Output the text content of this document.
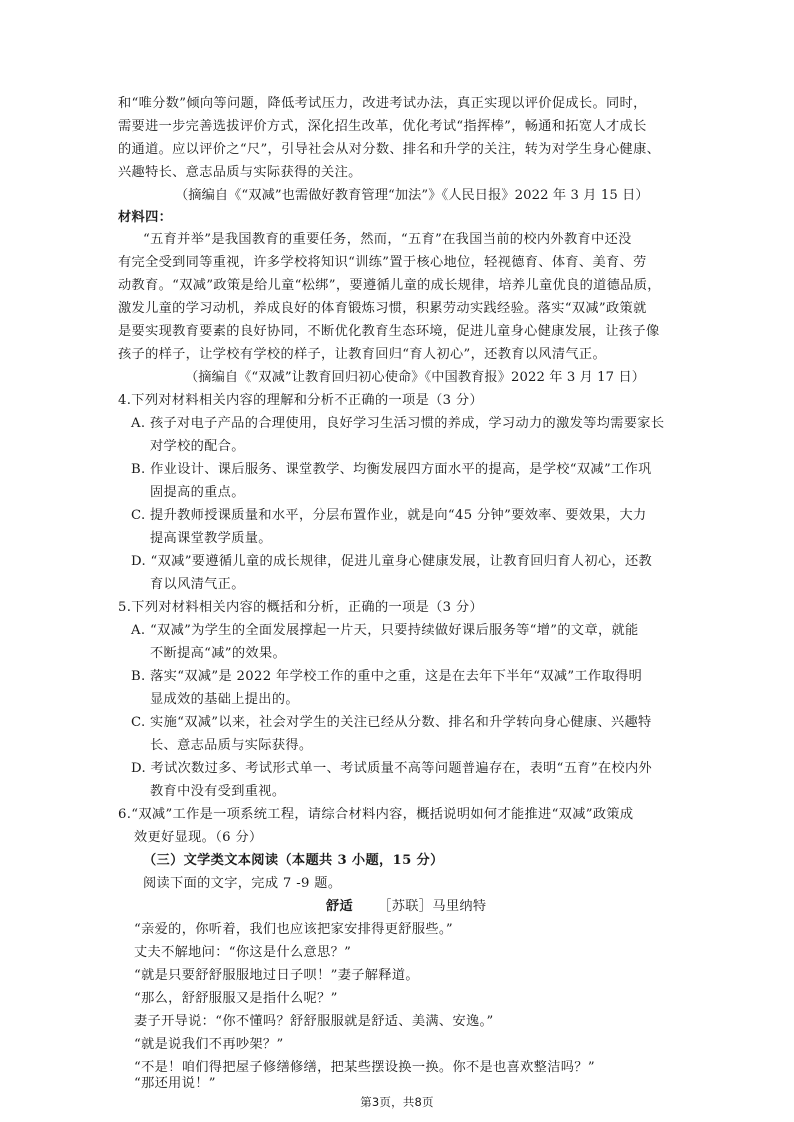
和“唯分数”倾向等问题，降低考试压力，改进考试办法，真正实现以评价促成长。同时，
需要进一步完善选拔评价方式，深化招生改革，优化考试“指挥棒”，畅通和拓宽人才成长
的通道。应以评价之“尺”，引导社会从对分数、排名和升学的关注，转为对学生身心健康、
兴趣特长、意志品质与实际获得的关注。
（摘编自《“双减”也需做好教育管理“加法”》《人民日报》2022 年 3 月 15 日）
材料四：
“五育并举”是我国教育的重要任务，然而，“五育”在我国当前的校内外教育中还没
有完全受到同等重视，许多学校将知识“训练”置于核心地位，轻视德育、体育、美育、劳
动教育。“双减”政策是给儿童“松绑”，要遵循儿童的成长规律，培养儿童优良的道德品质，
激发儿童的学习动机，养成良好的体育锻炼习惯，积累劳动实践经验。落实“双减”政策就
是要实现教育要素的良好协同，不断优化教育生态环境，促进儿童身心健康发展，让孩子像
孩子的样子，让学校有学校的样子，让教育回归“育人初心”，还教育以风清气正。
（摘编自《“双减”让教育回归初心使命》《中国教育报》2022 年 3 月 17 日）
4.下列对材料相关内容的理解和分析不正确的一项是（3 分）
A. 孩子对电子产品的合理使用，良好学习生活习惯的养成，学习动力的激发等均需要家长
对学校的配合。
B. 作业设计、课后服务、课堂教学、均衡发展四方面水平的提高，是学校“双减”工作巩
固提高的重点。
C. 提升教师授课质量和水平，分层布置作业，就是向“45 分钟”要效率、要效果，大力
提高课堂教学质量。
D. “双减”要遵循儿童的成长规律，促进儿童身心健康发展，让教育回归育人初心，还教
育以风清气正。
5.下列对材料相关内容的概括和分析，正确的一项是（3 分）
A. “双减”为学生的全面发展撑起一片天，只要持续做好课后服务等“增”的文章，就能
不断提高“减”的效果。
B. 落实“双减”是 2022 年学校工作的重中之重，这是在去年下半年“双减”工作取得明
显成效的基础上提出的。
C. 实施“双减”以来，社会对学生的关注已经从分数、排名和升学转向身心健康、兴趣特
长、意志品质与实际获得。
D. 考试次数过多、考试形式单一、考试质量不高等问题普遍存在，表明“五育”在校内外
教育中没有受到重视。
6.“双减”工作是一项系统工程，请综合材料内容，概括说明如何才能推进“双减”政策成
效更好显现。（6 分）
（三）文学类文本阅读（本题共 3 小题，15 分）
阅读下面的文字，完成 7 -9 题。
舒适 ［苏联］马里纳特
“亲爱的，你听着，我们也应该把家安排得更舒服些。”
丈夫不解地问：“你这是什么意思？”
“就是只要舒舒服服地过日子呗！”妻子解释道。
“那么，舒舒服服又是指什么呢？”
妻子开导说：“你不懂吗？舒舒服服就是舒适、美满、安逸。”
“就是说我们不再吵架？”
“不是！咱们得把屋子修缮修缮，把某些摆设换一换。你不是也喜欢整洁吗？”
“那还用说！”
第3页，共8页
